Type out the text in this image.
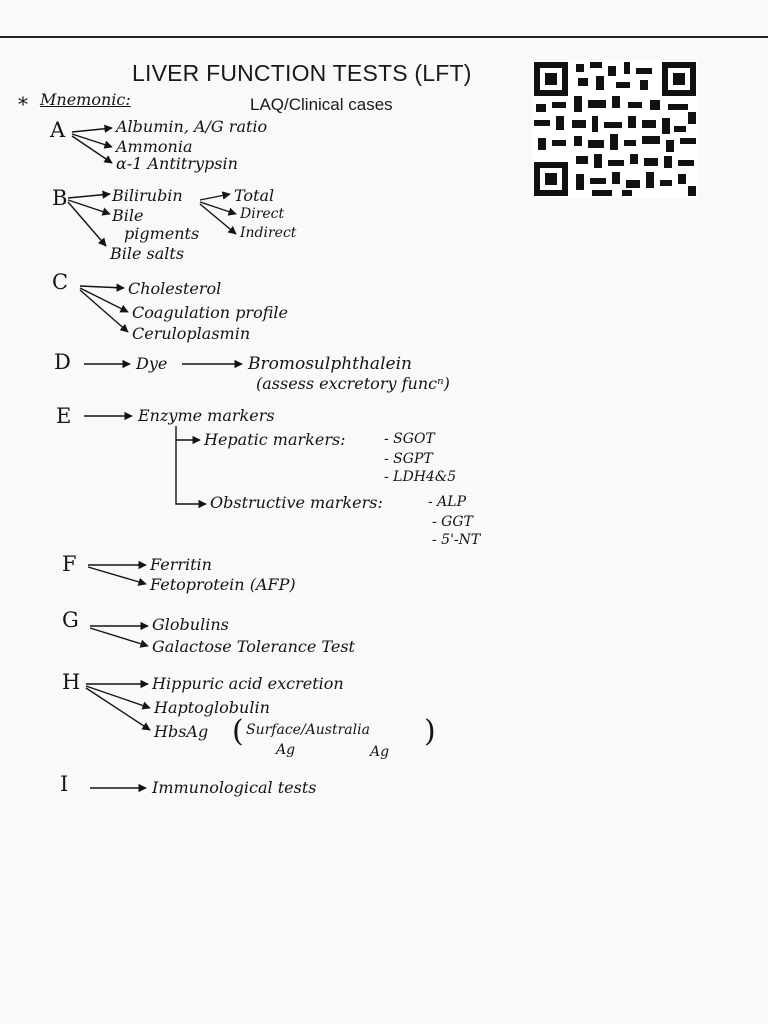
LIVER FUNCTION TESTS (LFT)
LAQ/Clinical cases
* Mnemonic:
A	Albumin, A/G ratio
Ammonia
α-1 Antitrypsin
B	Bilirubin
Bile
pigments
Bile salts
Total
Direct
Indirect
C	Cholesterol
Coagulation profile
Ceruloplasmin
D	Dye	Bromosulphthalein
(assess excretory funcⁿ)
E	Enzyme markers
Hepatic markers:	- SGOT
- SGPT
- LDH4&5
Obstructive markers:	- ALP
- GGT
- 5'-NT
F	Ferritin
Fetoprotein (AFP)
G	Globulins
Galactose Tolerance Test
H	Hippuric acid excretion
Haptoglobulin
HbsAg ( Surface/Australia
Ag	Ag
)
I	Immunological tests
